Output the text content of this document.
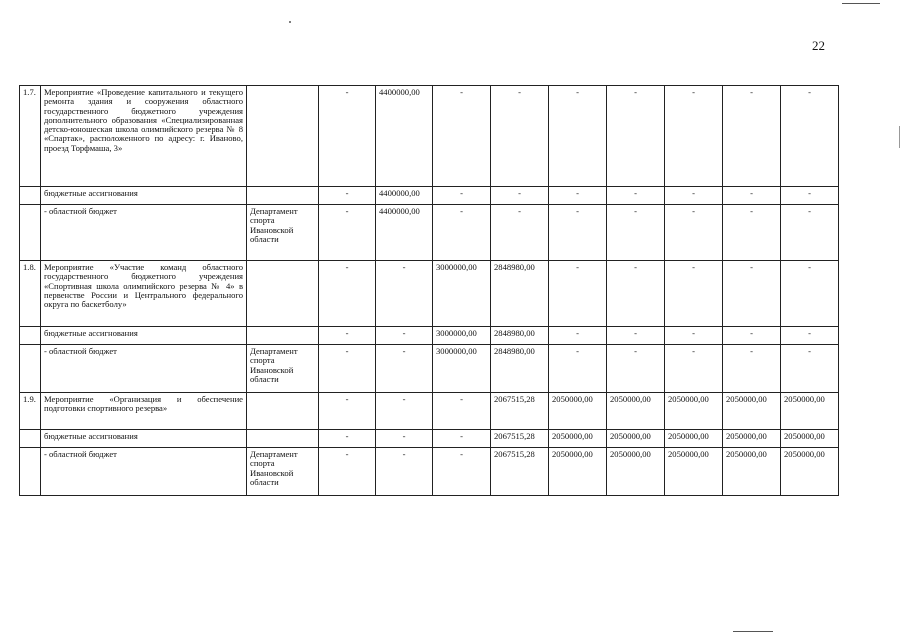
22
1.7.	Мероприятие «Проведение капитального и текущего ремонта здания и сооружения областного государственного бюджетного учреждения дополнительного образования «Специализированная детско-юношеская школа олимпийского резерва № 8 «Спартак», расположенного по адресу: г. Иваново, проезд Торфмаша, 3»		-	4400000,00	-	-	-	-	-	-	-
	бюджетные ассигнования		-	4400000,00	-	-	-	-	-	-	-
	- областной бюджет	Департамент спорта Ивановской области	-	4400000,00	-	-	-	-	-	-	-
1.8.	Мероприятие «Участие команд областного государственного бюджетного учреждения «Спортивная школа олимпийского резерва № 4» в первенстве России и Центрального федерального округа по баскетболу»		-	-	3000000,00	2848980,00	-	-	-	-	-
	бюджетные ассигнования		-	-	3000000,00	2848980,00	-	-	-	-	-
	- областной бюджет	Департамент спорта Ивановской области	-	-	3000000,00	2848980,00	-	-	-	-	-
1.9.	Мероприятие «Организация и обеспечение подготовки спортивного резерва»		-	-	-	2067515,28	2050000,00	2050000,00	2050000,00	2050000,00	2050000,00
	бюджетные ассигнования		-	-	-	2067515,28	2050000,00	2050000,00	2050000,00	2050000,00	2050000,00
	- областной бюджет	Департамент спорта Ивановской области	-	-	-	2067515,28	2050000,00	2050000,00	2050000,00	2050000,00	2050000,00
